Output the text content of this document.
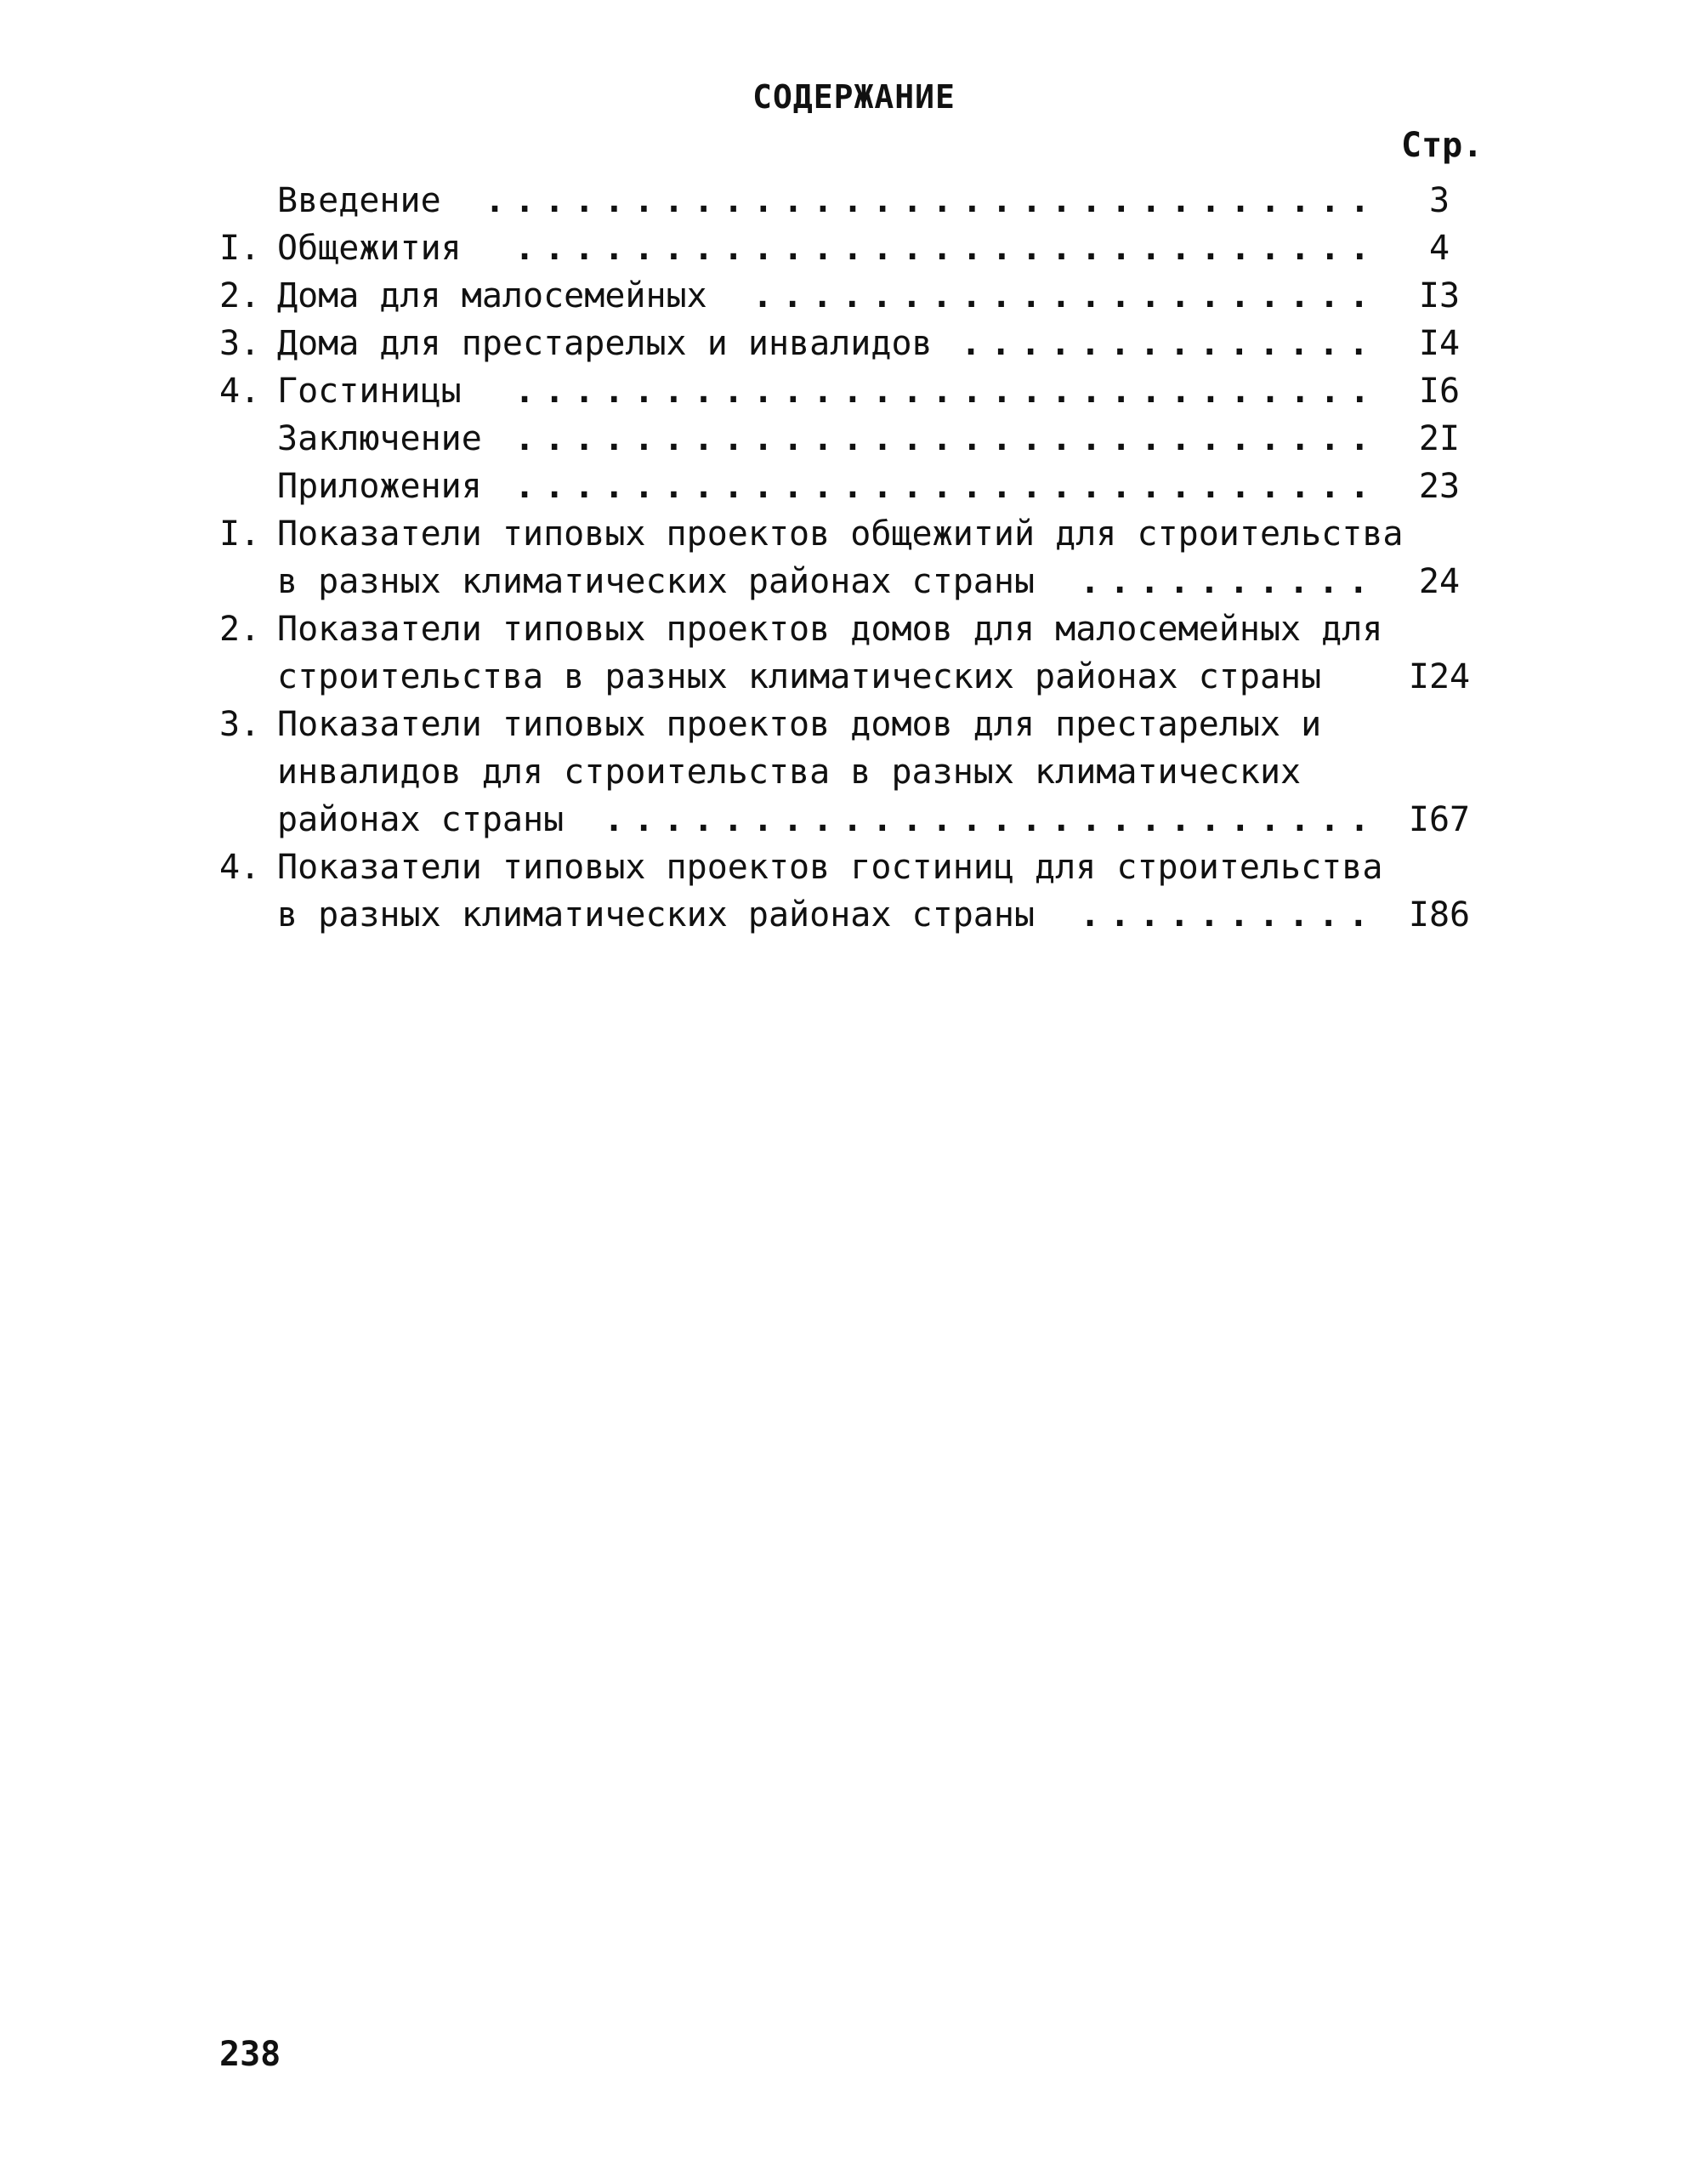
СОДЕРЖАНИЕ
Стр.
Введение ..............................	3
I. Общежития .............................	4
2. Дома для малосемейных .....................	I3
3. Дома для престарелых и инвалидов ..............	I4
4. Гостиницы .............................	I6
Заключение .............................	2I
Приложения .............................	23
I. Показатели типовых проектов общежитий для строительства
в разных климатических районах страны ..........	24
2. Показатели типовых проектов домов для малосемейных для
строительства в разных климатических районах страны	I24
3. Показатели типовых проектов домов для престарелых и
инвалидов для строительства в разных климатических
районах страны .......................... I67
4. Показатели типовых проектов гостиниц для строительства
в разных климатических районах страны .......... I86
238
